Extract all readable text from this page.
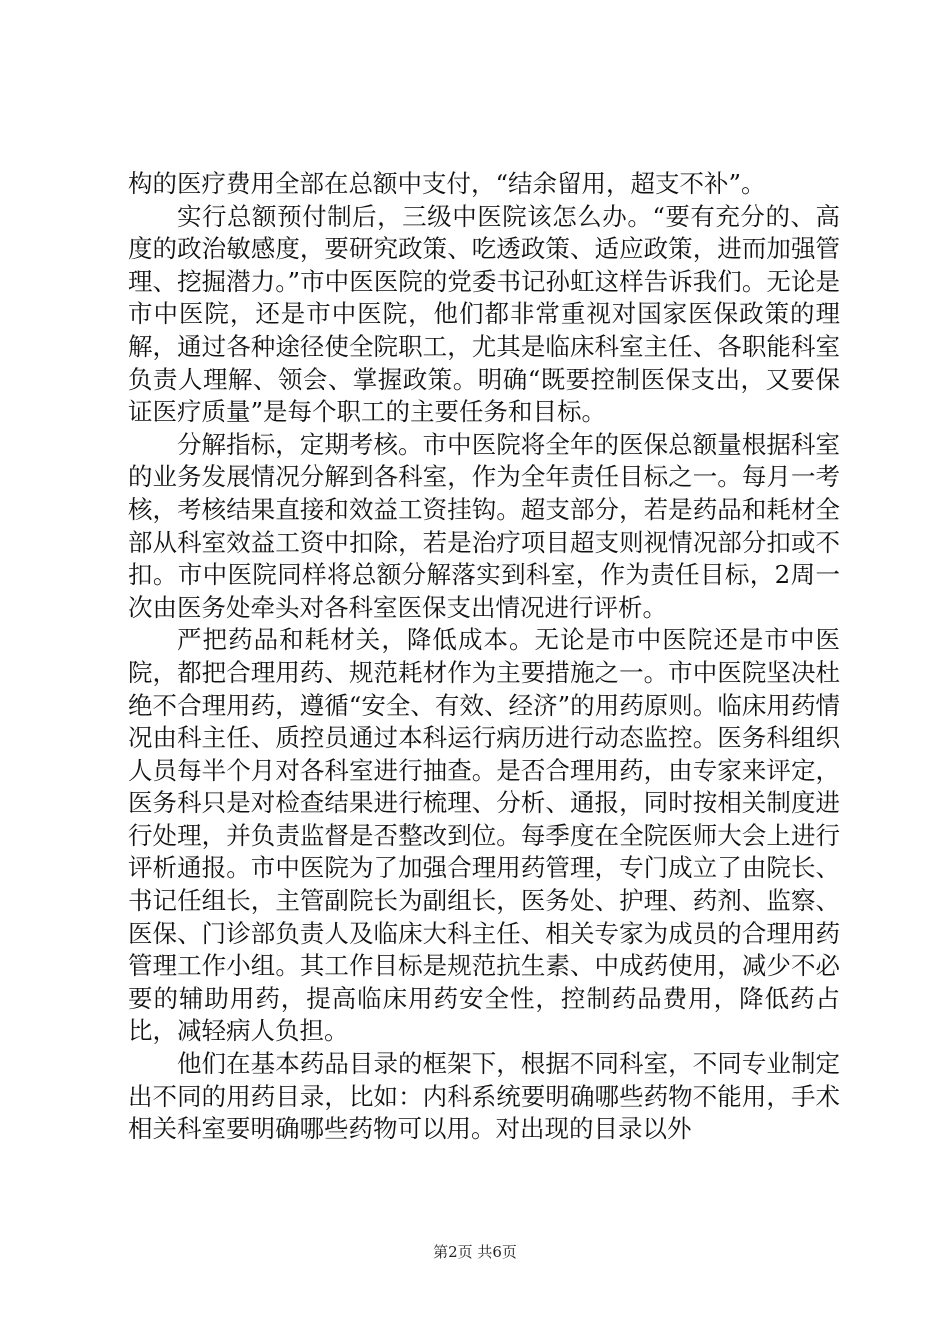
构的医疗费用全部在总额中支付，“结余留用，超支不补”。

实行总额预付制后，三级中医院该怎么办。“要有充分的、高度的政治敏感度，要研究政策、吃透政策、适应政策，进而加强管理、挖掘潜力。”市中医医院的党委书记孙虹这样告诉我们。无论是市中医院，还是市中医院，他们都非常重视对国家医保政策的理解，通过各种途径使全院职工，尤其是临床科室主任、各职能科室负责人理解、领会、掌握政策。明确“既要控制医保支出，又要保证医疗质量”是每个职工的主要任务和目标。

分解指标，定期考核。市中医院将全年的医保总额量根据科室的业务发展情况分解到各科室，作为全年责任目标之一。每月一考核，考核结果直接和效益工资挂钩。超支部分，若是药品和耗材全部从科室效益工资中扣除，若是治疗项目超支则视情况部分扣或不扣。市中医院同样将总额分解落实到科室，作为责任目标，2周一次由医务处牵头对各科室医保支出情况进行评析。

严把药品和耗材关，降低成本。无论是市中医院还是市中医院，都把合理用药、规范耗材作为主要措施之一。市中医院坚决杜绝不合理用药，遵循“安全、有效、经济”的用药原则。临床用药情况由科主任、质控员通过本科运行病历进行动态监控。医务科组织人员每半个月对各科室进行抽查。是否合理用药，由专家来评定，医务科只是对检查结果进行梳理、分析、通报，同时按相关制度进行处理，并负责监督是否整改到位。每季度在全院医师大会上进行评析通报。市中医院为了加强合理用药管理，专门成立了由院长、书记任组长，主管副院长为副组长，医务处、护理、药剂、监察、医保、门诊部负责人及临床大科主任、相关专家为成员的合理用药管理工作小组。其工作目标是规范抗生素、中成药使用，减少不必要的辅助用药，提高临床用药安全性，控制药品费用，降低药占比，减轻病人负担。

他们在基本药品目录的框架下，根据不同科室，不同专业制定出不同的用药目录，比如：内科系统要明确哪些药物不能用，手术相关科室要明确哪些药物可以用。对出现的目录以外

第2页 共6页
